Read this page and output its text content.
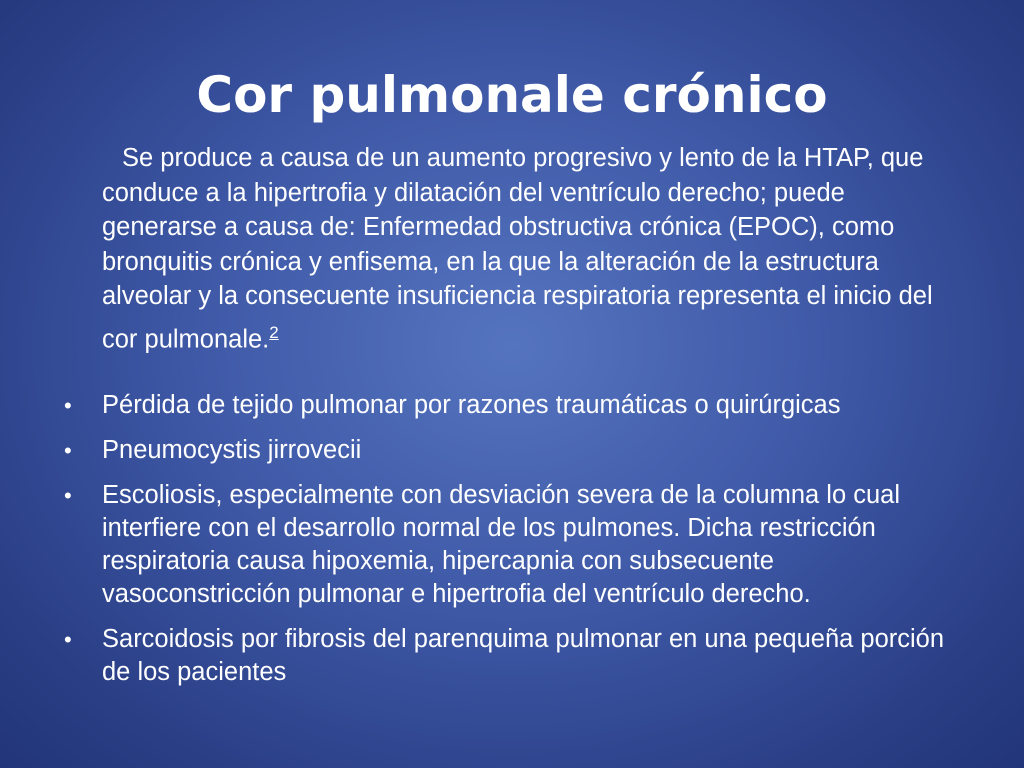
Cor pulmonale crónico
Se produce a causa de un aumento progresivo y lento de la HTAP, que conduce a la hipertrofia y dilatación del ventrículo derecho; puede generarse a causa de: Enfermedad obstructiva crónica (EPOC), como bronquitis crónica y enfisema, en la que la alteración de la estructura alveolar y la consecuente insuficiencia respiratoria representa el inicio del cor pulmonale.$^2$
• Pérdida de tejido pulmonar por razones traumáticas o quirúrgicas
• Pneumocystis jirrovecii
• Escoliosis, especialmente con desviación severa de la columna lo cual interfiere con el desarrollo normal de los pulmones. Dicha restricción respiratoria causa hipoxemia, hipercapnia con subsecuente vasoconstricción pulmonar e hipertrofia del ventrículo derecho.
• Sarcoidosis por fibrosis del parenquima pulmonar en una pequeña porción de los pacientes
